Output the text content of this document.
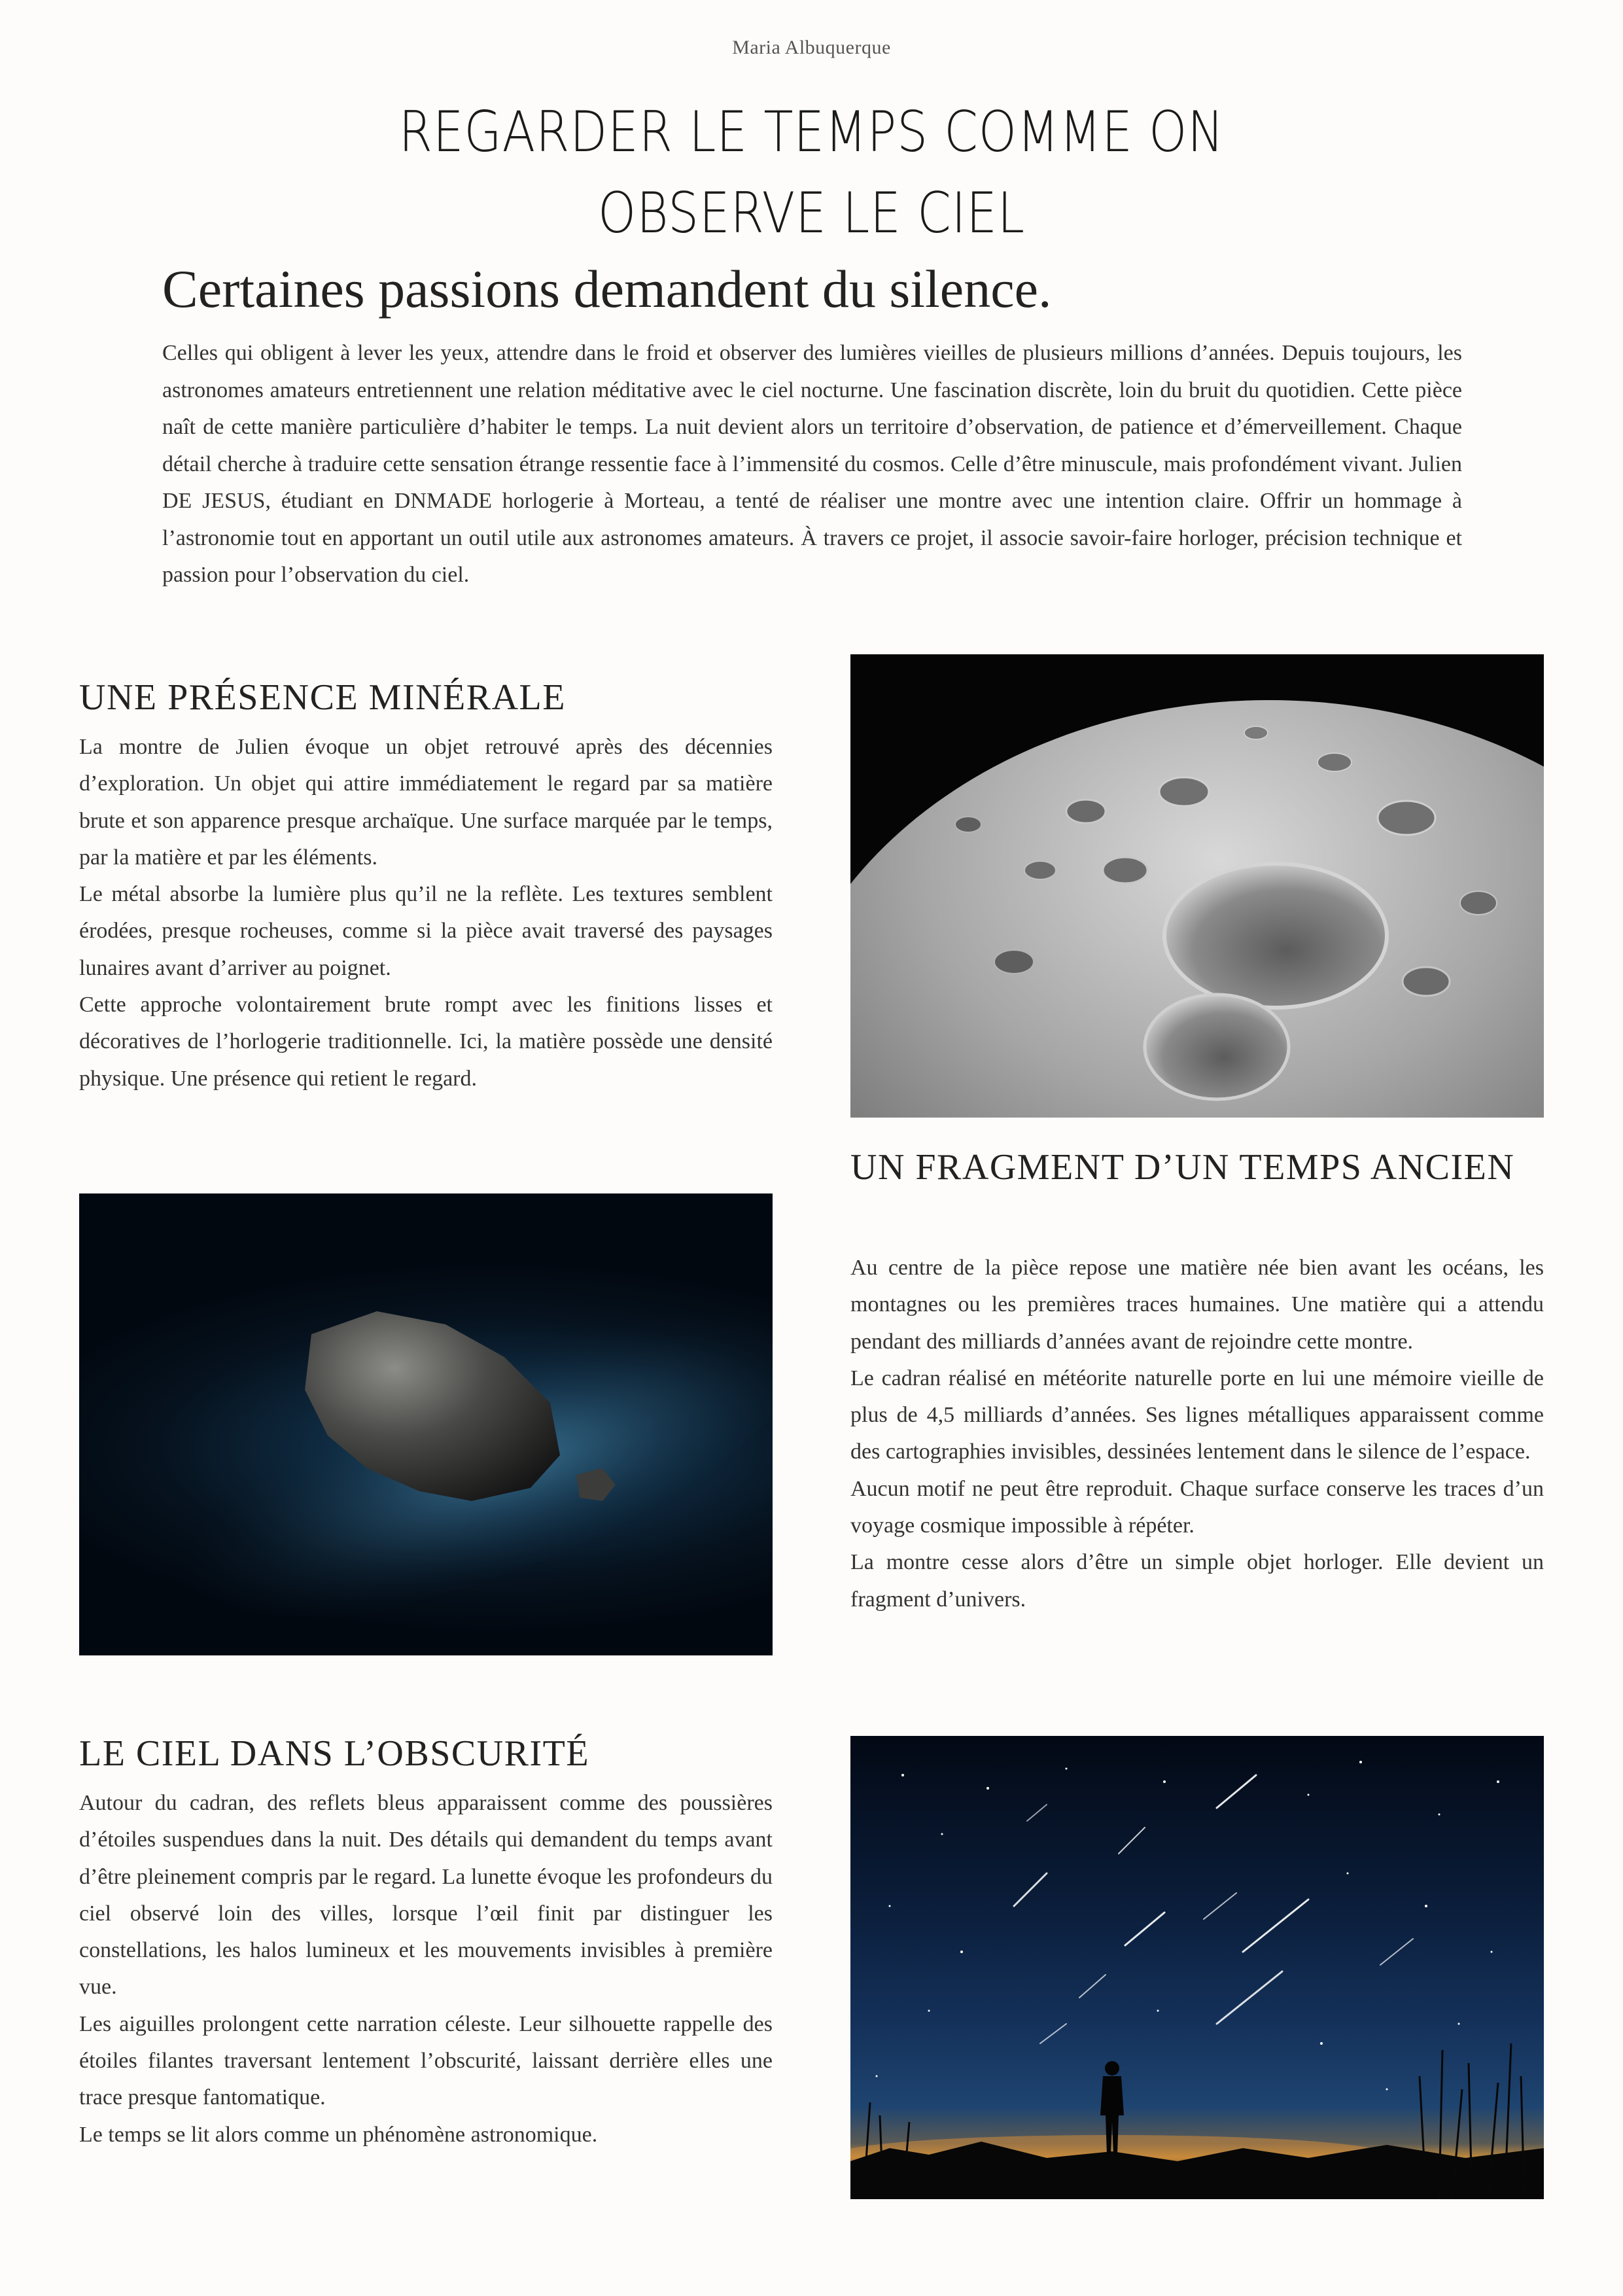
Maria Albuquerque
REGARDER LE TEMPS COMME ON
OBSERVE LE CIEL
Certaines passions demandent du silence.

Celles qui obligent à lever les yeux, attendre dans le froid et observer des lumières vieilles de plusieurs millions d’années. Depuis toujours, les astronomes amateurs entretiennent une relation méditative avec le ciel nocturne. Une fascination discrète, loin du bruit du quotidien. Cette pièce naît de cette manière particulière d’habiter le temps. La nuit devient alors un territoire d’observation, de patience et d’émerveillement. Chaque détail cherche à traduire cette sensation étrange ressentie face à l’immensité du cosmos. Celle d’être minuscule, mais profondément vivant. Julien DE JESUS, étudiant en DNMADE horlogerie à Morteau, a tenté de réaliser une montre avec une intention claire. Offrir un hommage à l’astronomie tout en apportant un outil utile aux astronomes amateurs. À travers ce projet, il associe savoir-faire horloger, précision technique et passion pour l’observation du ciel.

UNE PRÉSENCE MINÉRALE

La montre de Julien évoque un objet retrouvé après des décennies d’exploration. Un objet qui attire immédiatement le regard par sa matière brute et son apparence presque archaïque. Une surface marquée par le temps, par la matière et par les éléments.

Le métal absorbe la lumière plus qu’il ne la reflète. Les textures semblent érodées, presque rocheuses, comme si la pièce avait traversé des paysages lunaires avant d’arriver au poignet.

Cette approche volontairement brute rompt avec les finitions lisses et décoratives de l’horlogerie traditionnelle. Ici, la matière possède une densité physique. Une présence qui retient le regard.

UN FRAGMENT D’UN TEMPS ANCIEN

Au centre de la pièce repose une matière née bien avant les océans, les montagnes ou les premières traces humaines. Une matière qui a attendu pendant des milliards d’années avant de rejoindre cette montre.

Le cadran réalisé en météorite naturelle porte en lui une mémoire vieille de plus de 4,5 milliards d’années. Ses lignes métalliques apparaissent comme des cartographies invisibles, dessinées lentement dans le silence de l’espace.

Aucun motif ne peut être reproduit. Chaque surface conserve les traces d’un voyage cosmique impossible à répéter.

La montre cesse alors d’être un simple objet horloger. Elle devient un fragment d’univers.

LE CIEL DANS L’OBSCURITÉ

Autour du cadran, des reflets bleus apparaissent comme des poussières d’étoiles suspendues dans la nuit. Des détails qui demandent du temps avant d’être pleinement compris par le regard. La lunette évoque les profondeurs du ciel observé loin des villes, lorsque l’œil finit par distinguer les constellations, les halos lumineux et les mouvements invisibles à première vue.

Les aiguilles prolongent cette narration céleste. Leur silhouette rappelle des étoiles filantes traversant lentement l’obscurité, laissant derrière elles une trace presque fantomatique.

Le temps se lit alors comme un phénomène astronomique.
